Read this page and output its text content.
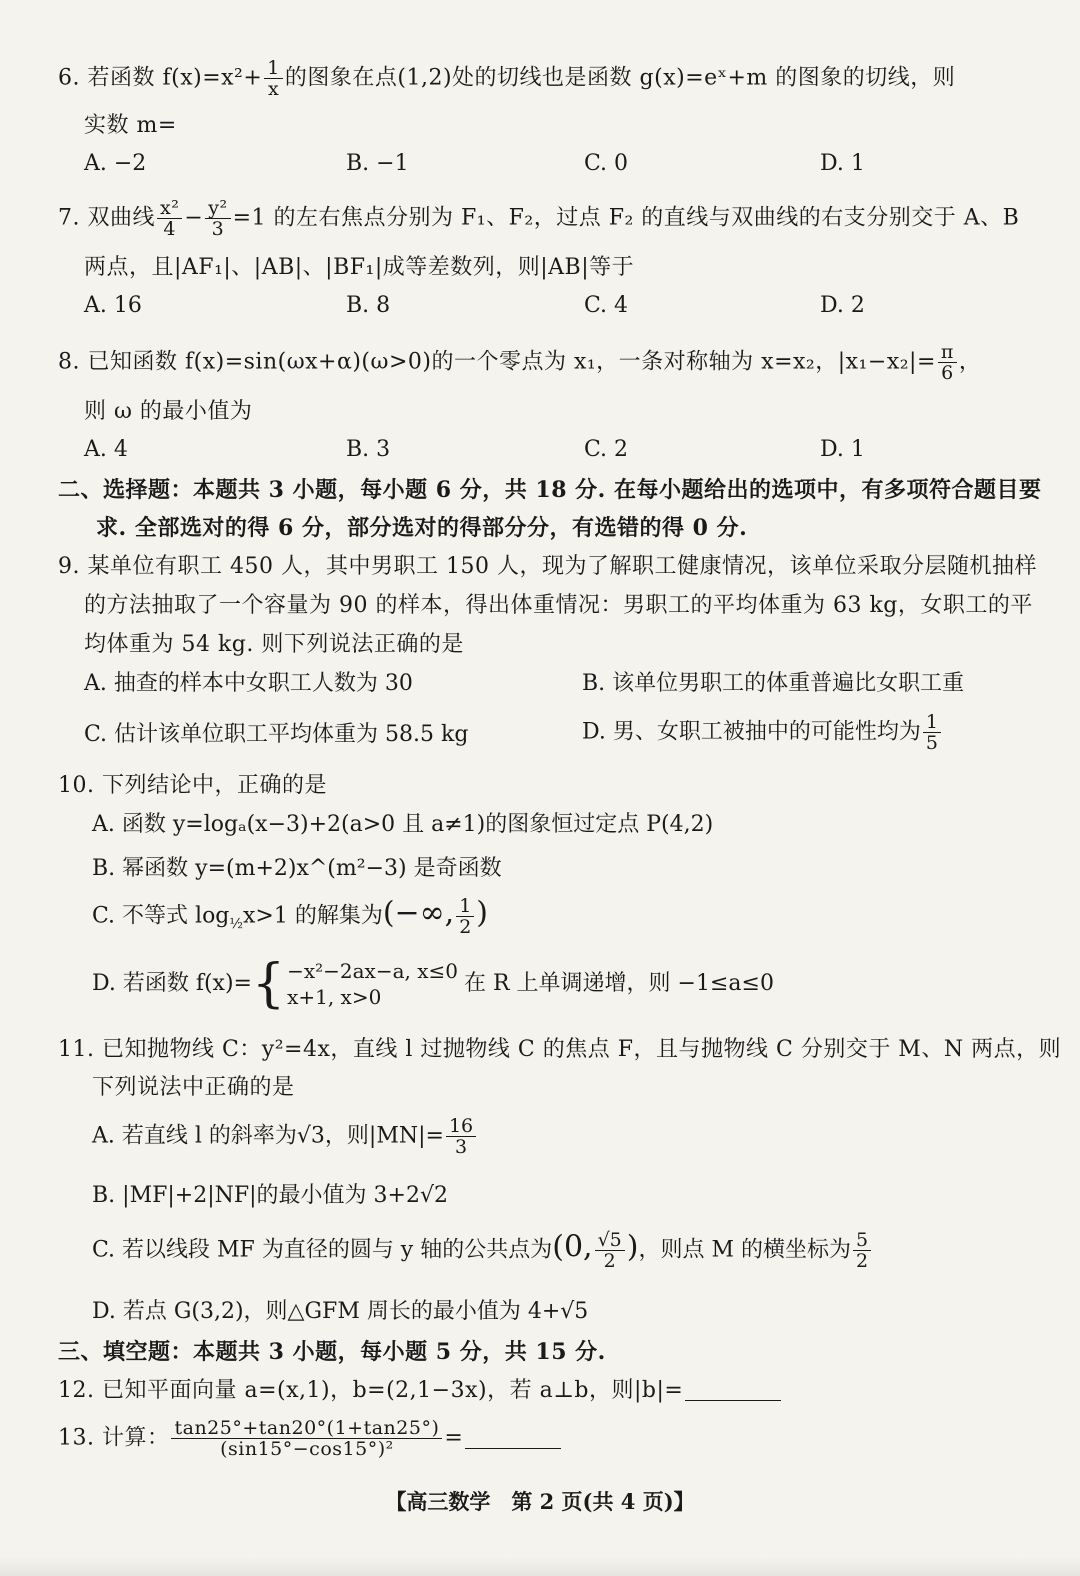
6. 若函数 $f(x)=x^2+ \frac{1}{x}$ 的图象在点(1,2)处的切线也是函数 g(x)=eˣ+m 的图象的切线，则
实数 m=
A. −2	B. −1	C. 0	D. 1
7. 双曲线 $\frac{\text{x²}}{4} - \frac{\text{y²}}{3} =1$ 的左右焦点分别为 F₁、F₂，过点 F₂ 的直线与双曲线的右支分别交于 A、B
两点，且|AF₁|、|AB|、|BF₁|成等差数列，则|AB|等于
A. 16	B. 8	C. 4	D. 2
8. 已知函数 f(x)=sin(ωx+α)(ω>0)的一个零点为 x₁，一条对称轴为 x=x₂，$|x_1-x_2|= \frac{\pi}{6}$ ，
则 ω 的最小值为
A. 4	B. 3	C. 2	D. 1
二、选择题：本题共 3 小题，每小题 6 分，共 18 分. 在每小题给出的选项中，有多项符合题目要
求. 全部选对的得 6 分，部分选对的得部分分，有选错的得 0 分.
9. 某单位有职工 450 人，其中男职工 150 人，现为了解职工健康情况，该单位采取分层随机抽样
的方法抽取了一个容量为 90 的样本，得出体重情况：男职工的平均体重为 63 kg，女职工的平
均体重为 54 kg. 则下列说法正确的是
A. 抽查的样本中女职工人数为 30	B. 该单位男职工的体重普遍比女职工重
C. 估计该单位职工平均体重为 58.5 kg	D. 男、女职工被抽中的可能性均为 $\frac{1}{5}$
10. 下列结论中，正确的是
A. 函数 y=logₐ(x−3)+2(a>0 且 a≠1)的图象恒过定点 P(4,2)
B. 幂函数 y=(m+2)x^(m²−3) 是奇函数
C. 不等式 $\log_{\frac{1}{2}}x>1$ 的解集为(−∞, $\frac{1}{2}$ )
D. 若函数 f(x)={ −x²−2ax−a, x≤0
x+1, x>0
在 R 上单调递增，则 −1≤a≤0
11. 已知抛物线 C：y²=4x，直线 l 过抛物线 C 的焦点 F，且与抛物线 C 分别交于 M、N 两点，则
下列说法中正确的是
A. 若直线 l 的斜率为√3，则$|MN|= \frac{16}{3}$
B. |MF|+2|NF|的最小值为 3+2√2
C. 若以线段 MF 为直径的圆与 y 轴的公共点为(0, $\frac{√5}{2}$ )，则点 M 的横坐标为 $\frac{5}{2}$
D. 若点 G(3,2)，则△GFM 周长的最小值为 4+√5
三、填空题：本题共 3 小题，每小题 5 分，共 15 分.
12. 已知平面向量 a=(x,1)，b=(2,1−3x)，若 a⊥b，则|b|=
13. 计算： $\frac{\tan 25^\circ+\tan 20^\circ(1+\tan 25^\circ)}{\text{(sin15°−cos15°)²}}$ =
【高三数学　第 2 页(共 4 页)】
